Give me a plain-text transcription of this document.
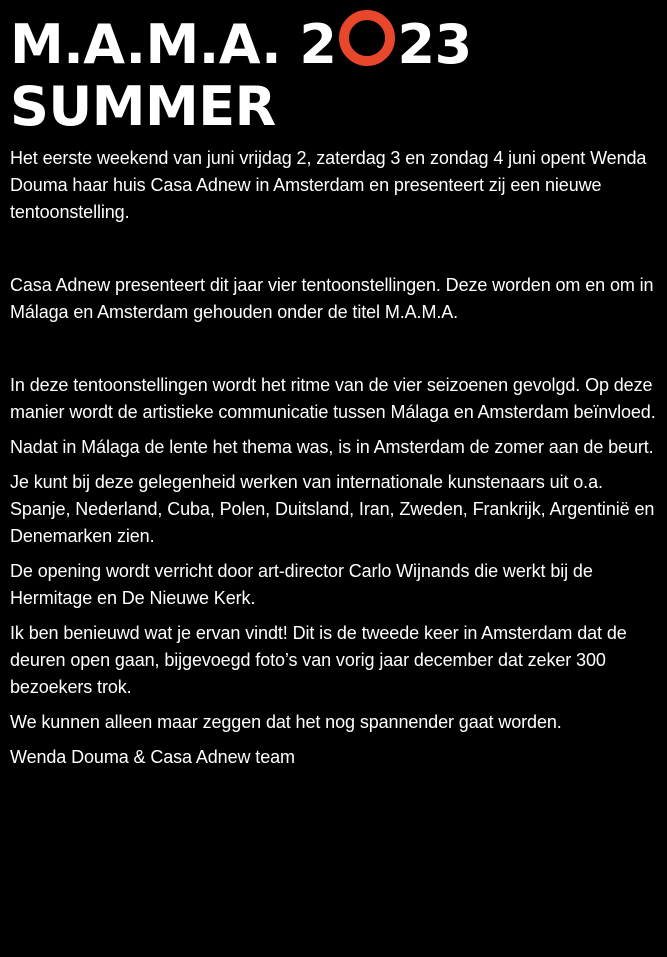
M.A.M.A. 2 23
SUMMER

Het eerste weekend van juni vrijdag 2, zaterdag 3 en zondag 4 juni opent Wenda Douma haar huis Casa Adnew in Amsterdam en presenteert zij een nieuwe tentoonstelling.

Casa Adnew presenteert dit jaar vier tentoonstellingen. Deze worden om en om in Málaga en Amsterdam gehouden onder de titel M.A.M.A.

In deze tentoonstellingen wordt het ritme van de vier seizoenen gevolgd. Op deze manier wordt de artistieke communicatie tussen Málaga en Amsterdam beïnvloed.

Nadat in Málaga de lente het thema was, is in Amsterdam de zomer aan de beurt.

Je kunt bij deze gelegenheid werken van internationale kunstenaars uit o.a. Spanje, Nederland, Cuba, Polen, Duitsland, Iran, Zweden, Frankrijk, Argentinië en Denemarken zien.

De opening wordt verricht door art-director Carlo Wijnands die werkt bij de Hermitage en De Nieuwe Kerk.

Ik ben benieuwd wat je ervan vindt! Dit is de tweede keer in Amsterdam dat de deuren open gaan, bijgevoegd foto’s van vorig jaar december dat zeker 300 bezoekers trok.

We kunnen alleen maar zeggen dat het nog spannender gaat worden.

Wenda Douma & Casa Adnew team
